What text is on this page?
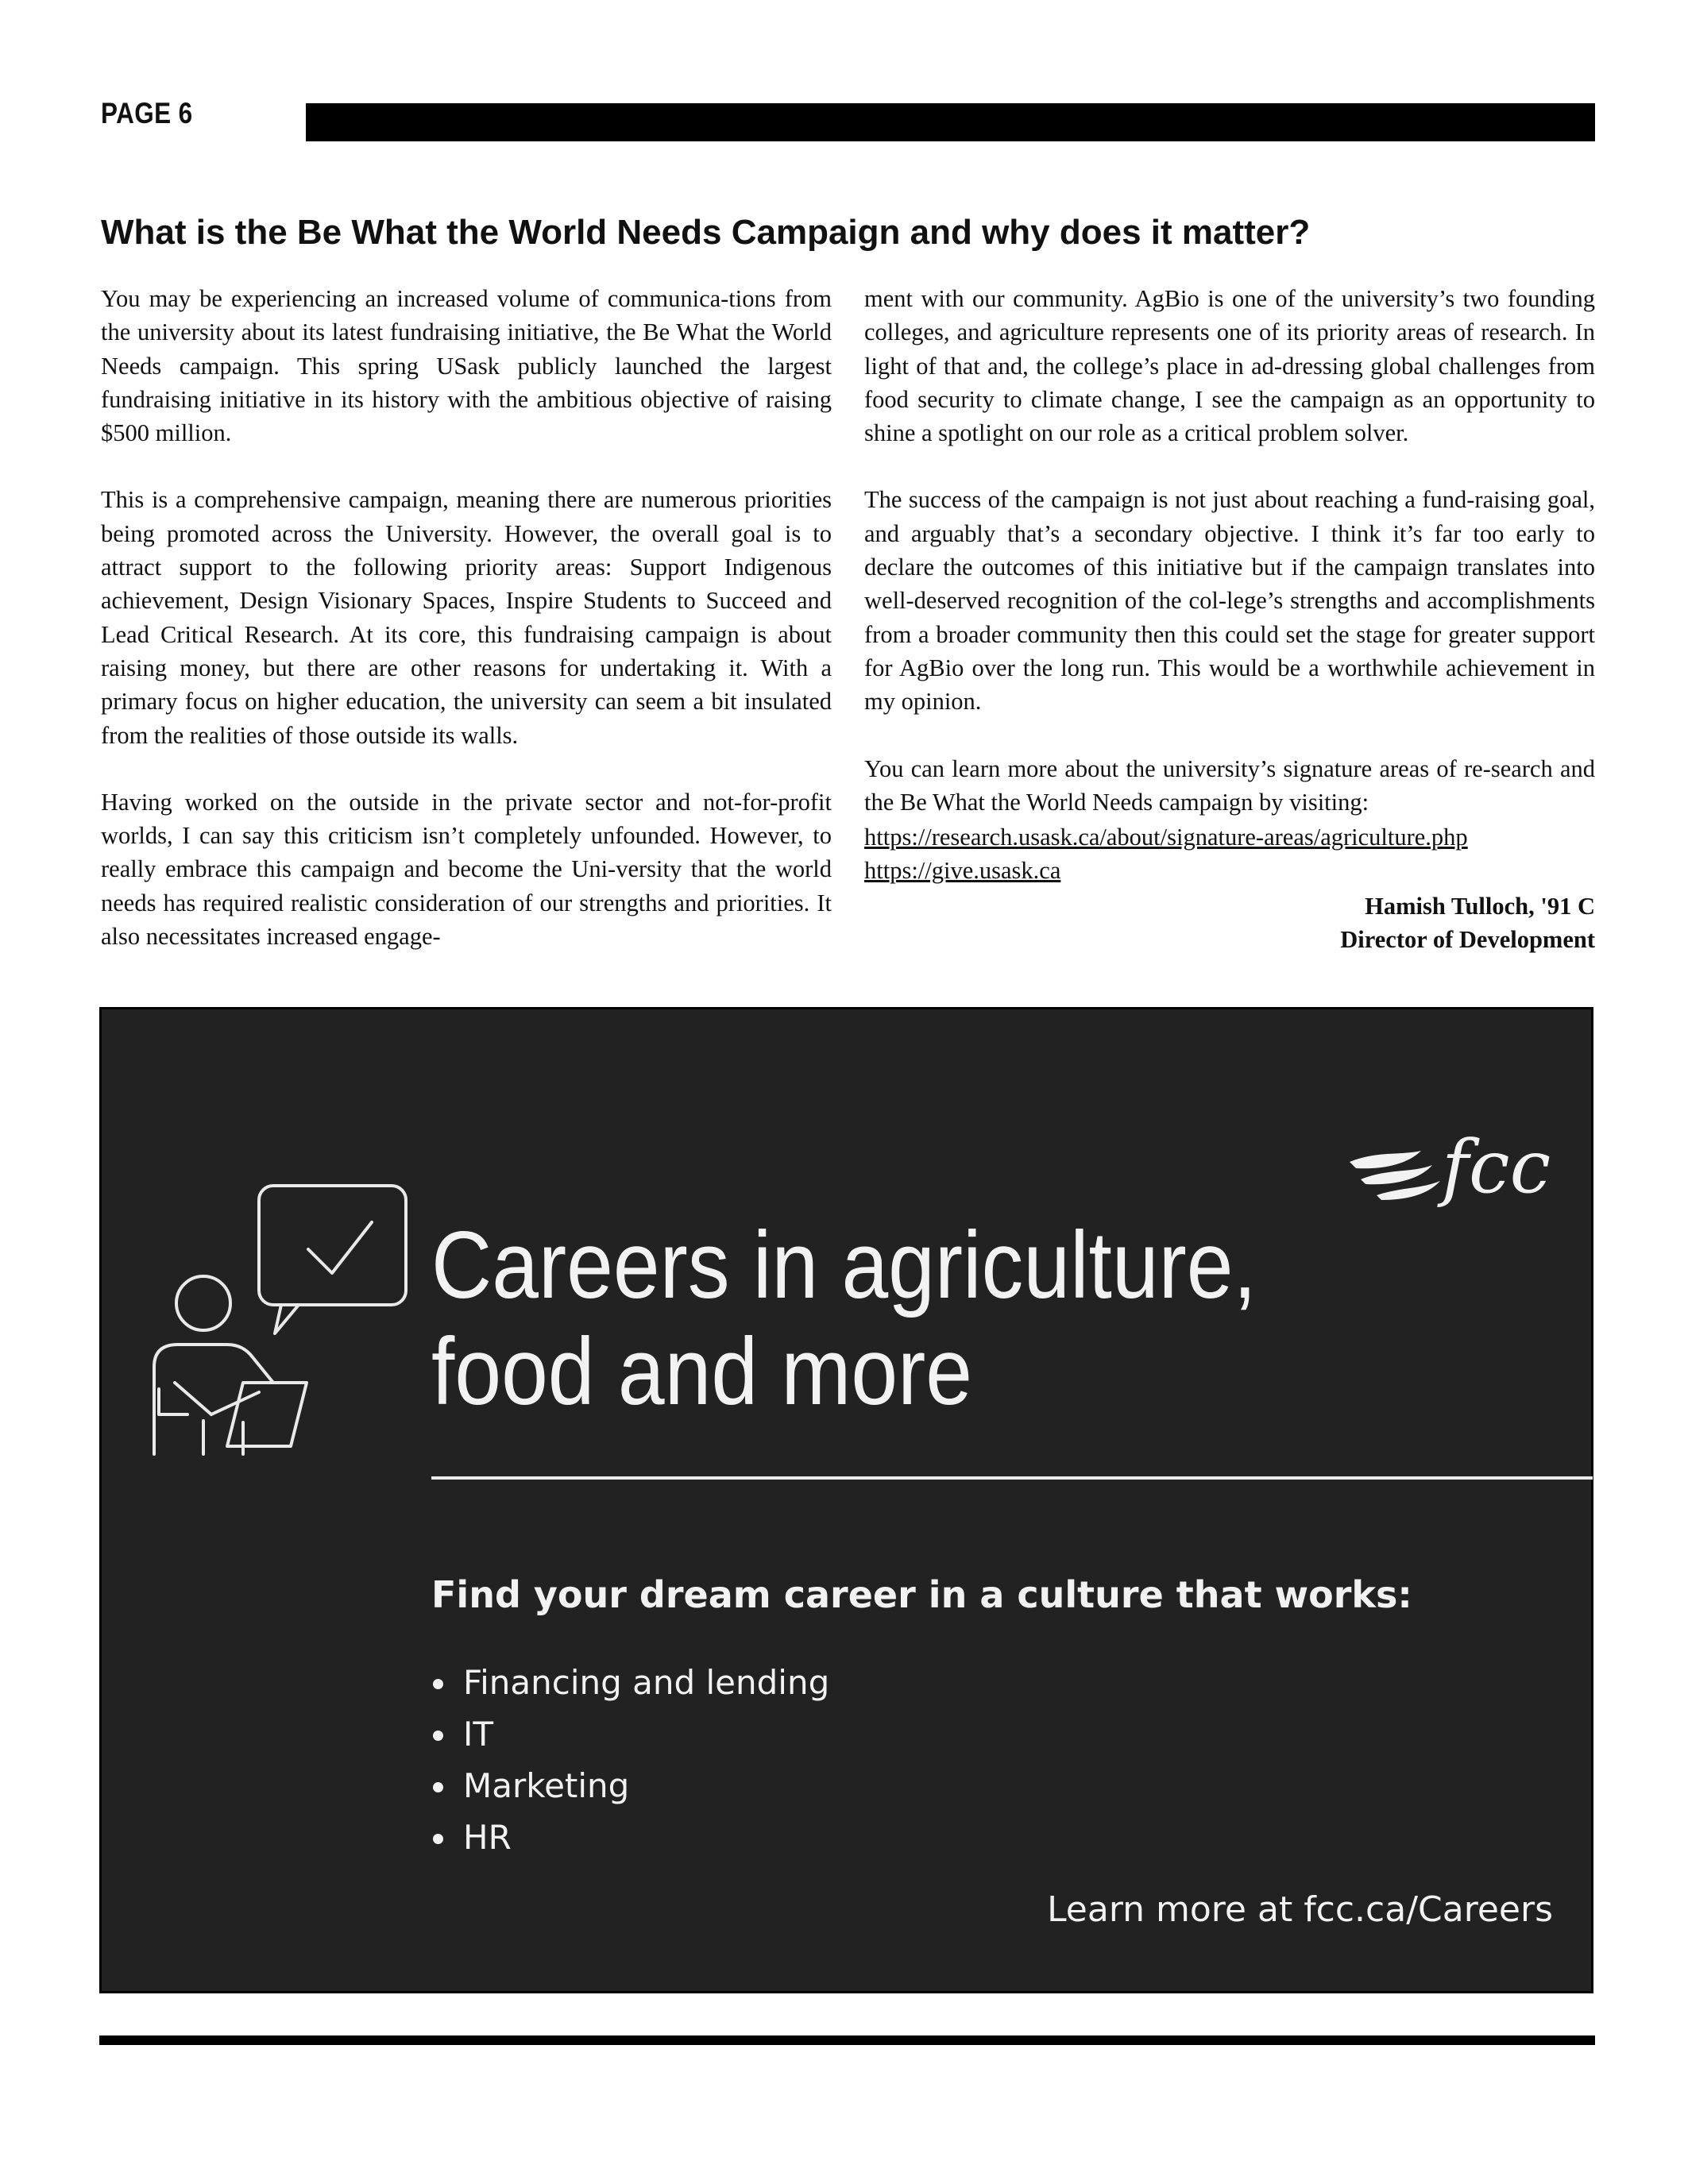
PAGE 6
What is the Be What the World Needs Campaign and why does it matter?

You may be experiencing an increased volume of communica-tions from the university about its latest fundraising initiative, the Be What the World Needs campaign. This spring USask publicly launched the largest fundraising initiative in its history with the ambitious objective of raising $500 million.

This is a comprehensive campaign, meaning there are numerous priorities being promoted across the University. However, the overall goal is to attract support to the following priority areas: Support Indigenous achievement, Design Visionary Spaces, Inspire Students to Succeed and Lead Critical Research. At its core, this fundraising campaign is about raising money, but there are other reasons for undertaking it. With a primary focus on higher education, the university can seem a bit insulated from the realities of those outside its walls.

Having worked on the outside in the private sector and not-for-profit worlds, I can say this criticism isn’t completely unfounded. However, to really embrace this campaign and become the Uni-versity that the world needs has required realistic consideration of our strengths and priorities. It also necessitates increased engage-

ment with our community. AgBio is one of the university’s two founding colleges, and agriculture represents one of its priority areas of research. In light of that and, the college’s place in ad-dressing global challenges from food security to climate change, I see the campaign as an opportunity to shine a spotlight on our role as a critical problem solver.

The success of the campaign is not just about reaching a fund-raising goal, and arguably that’s a secondary objective. I think it’s far too early to declare the outcomes of this initiative but if the campaign translates into well-deserved recognition of the col-lege’s strengths and accomplishments from a broader community then this could set the stage for greater support for AgBio over the long run. This would be a worthwhile achievement in my opinion.

You can learn more about the university’s signature areas of re-search and the Be What the World Needs campaign by visiting:

https://research.usask.ca/about/signature-areas/agriculture.php
https://give.usask.ca
Hamish Tulloch, '91 C
Director of Development
fcc
Careers in agriculture,
food and more
Find your dream career in a culture that works:
Financing and lending
IT
Marketing
HR
Learn more at fcc.ca/Careers
